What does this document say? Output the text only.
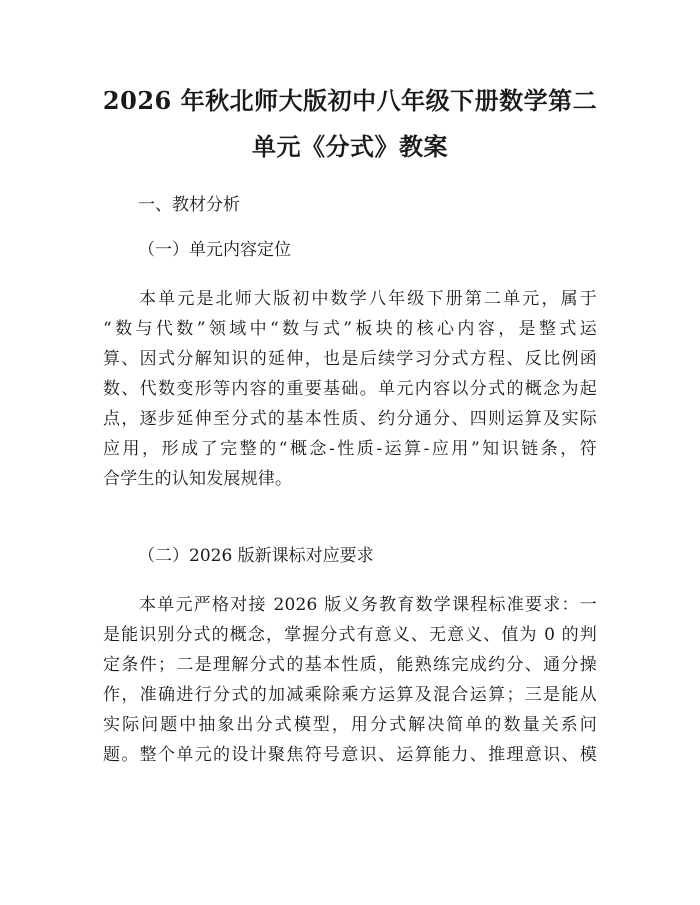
2026 年秋北师大版初中八年级下册数学第二
单元《分式》教案
一、教材分析
（一）单元内容定位
本单元是北师大版初中数学八年级下册第二单元，属于
“数与代数”领域中“数与式”板块的核心内容，是整式运
算、因式分解知识的延伸，也是后续学习分式方程、反比例函
数、代数变形等内容的重要基础。单元内容以分式的概念为起
点，逐步延伸至分式的基本性质、约分通分、四则运算及实际
应用，形成了完整的“概念-性质-运算-应用”知识链条，符
合学生的认知发展规律。
（二）2026 版新课标对应要求
本单元严格对接 2026 版义务教育数学课程标准要求：一
是能识别分式的概念，掌握分式有意义、无意义、值为 0 的判
定条件；二是理解分式的基本性质，能熟练完成约分、通分操
作，准确进行分式的加减乘除乘方运算及混合运算；三是能从
实际问题中抽象出分式模型，用分式解决简单的数量关系问
题。整个单元的设计聚焦符号意识、运算能力、推理意识、模
